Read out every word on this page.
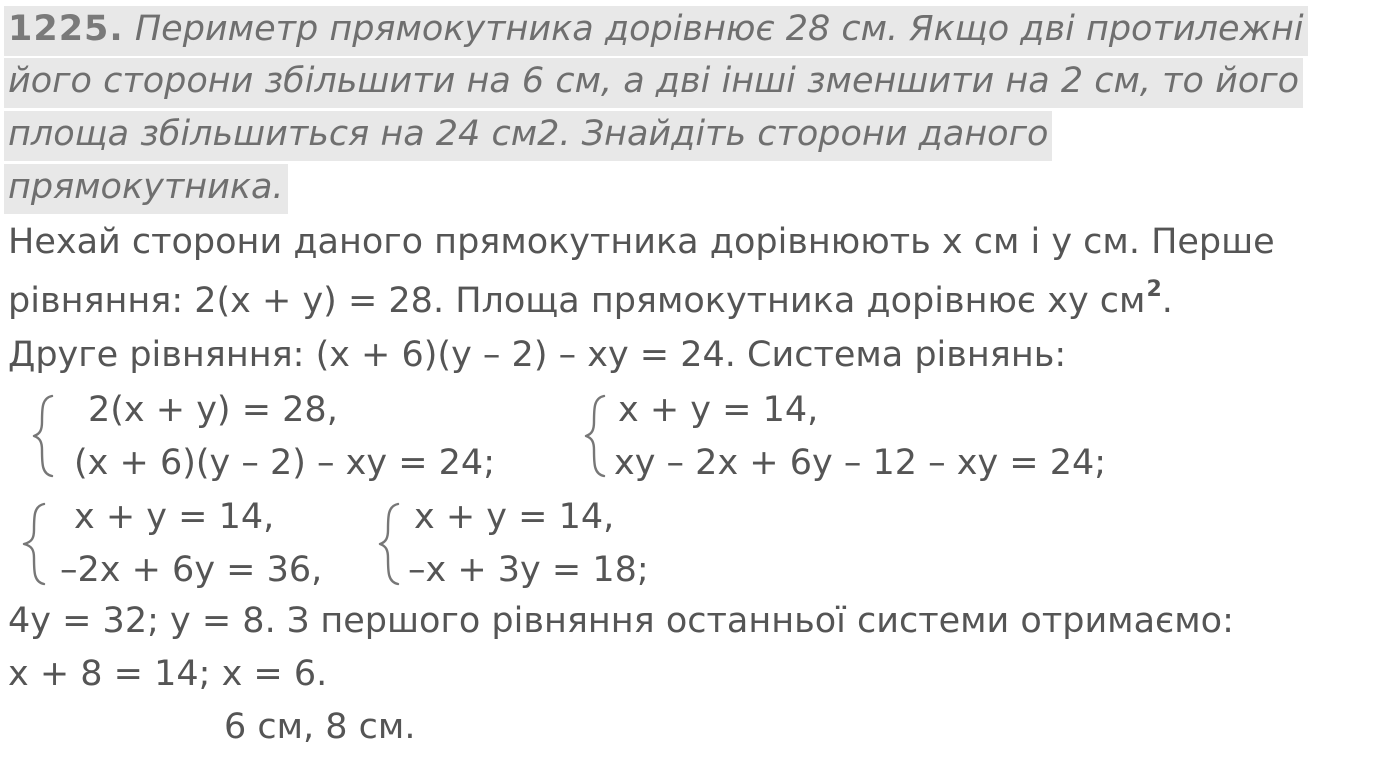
1225. Периметр прямокутника дорівнює 28 см. Якщо дві протилежні
його сторони збільшити на 6 см, а дві інші зменшити на 2 см, то його
площа збільшиться на 24 см2. Знайдіть сторони даного
прямокутника.
Нехай сторони даного прямокутника дорівнюють x см і у см. Перше
рівняння: 2(x + y) = 28. Площа прямокутника дорівнює xy $см^2$.
Друге рівняння: (x + 6)(y – 2) – xy = 24. Система рівнянь:
2(x + y) = 28,
(x + 6)(y – 2) – xy = 24;
x + y = 14,
xy – 2x + 6y – 12 – xy = 24;
x + y = 14,
–2x + 6y = 36,
x + y = 14,
–x + 3y = 18;
4y = 32; y = 8. З першого рівняння останньої системи отримаємо:
x + 8 = 14; x = 6.
6 см, 8 см.
